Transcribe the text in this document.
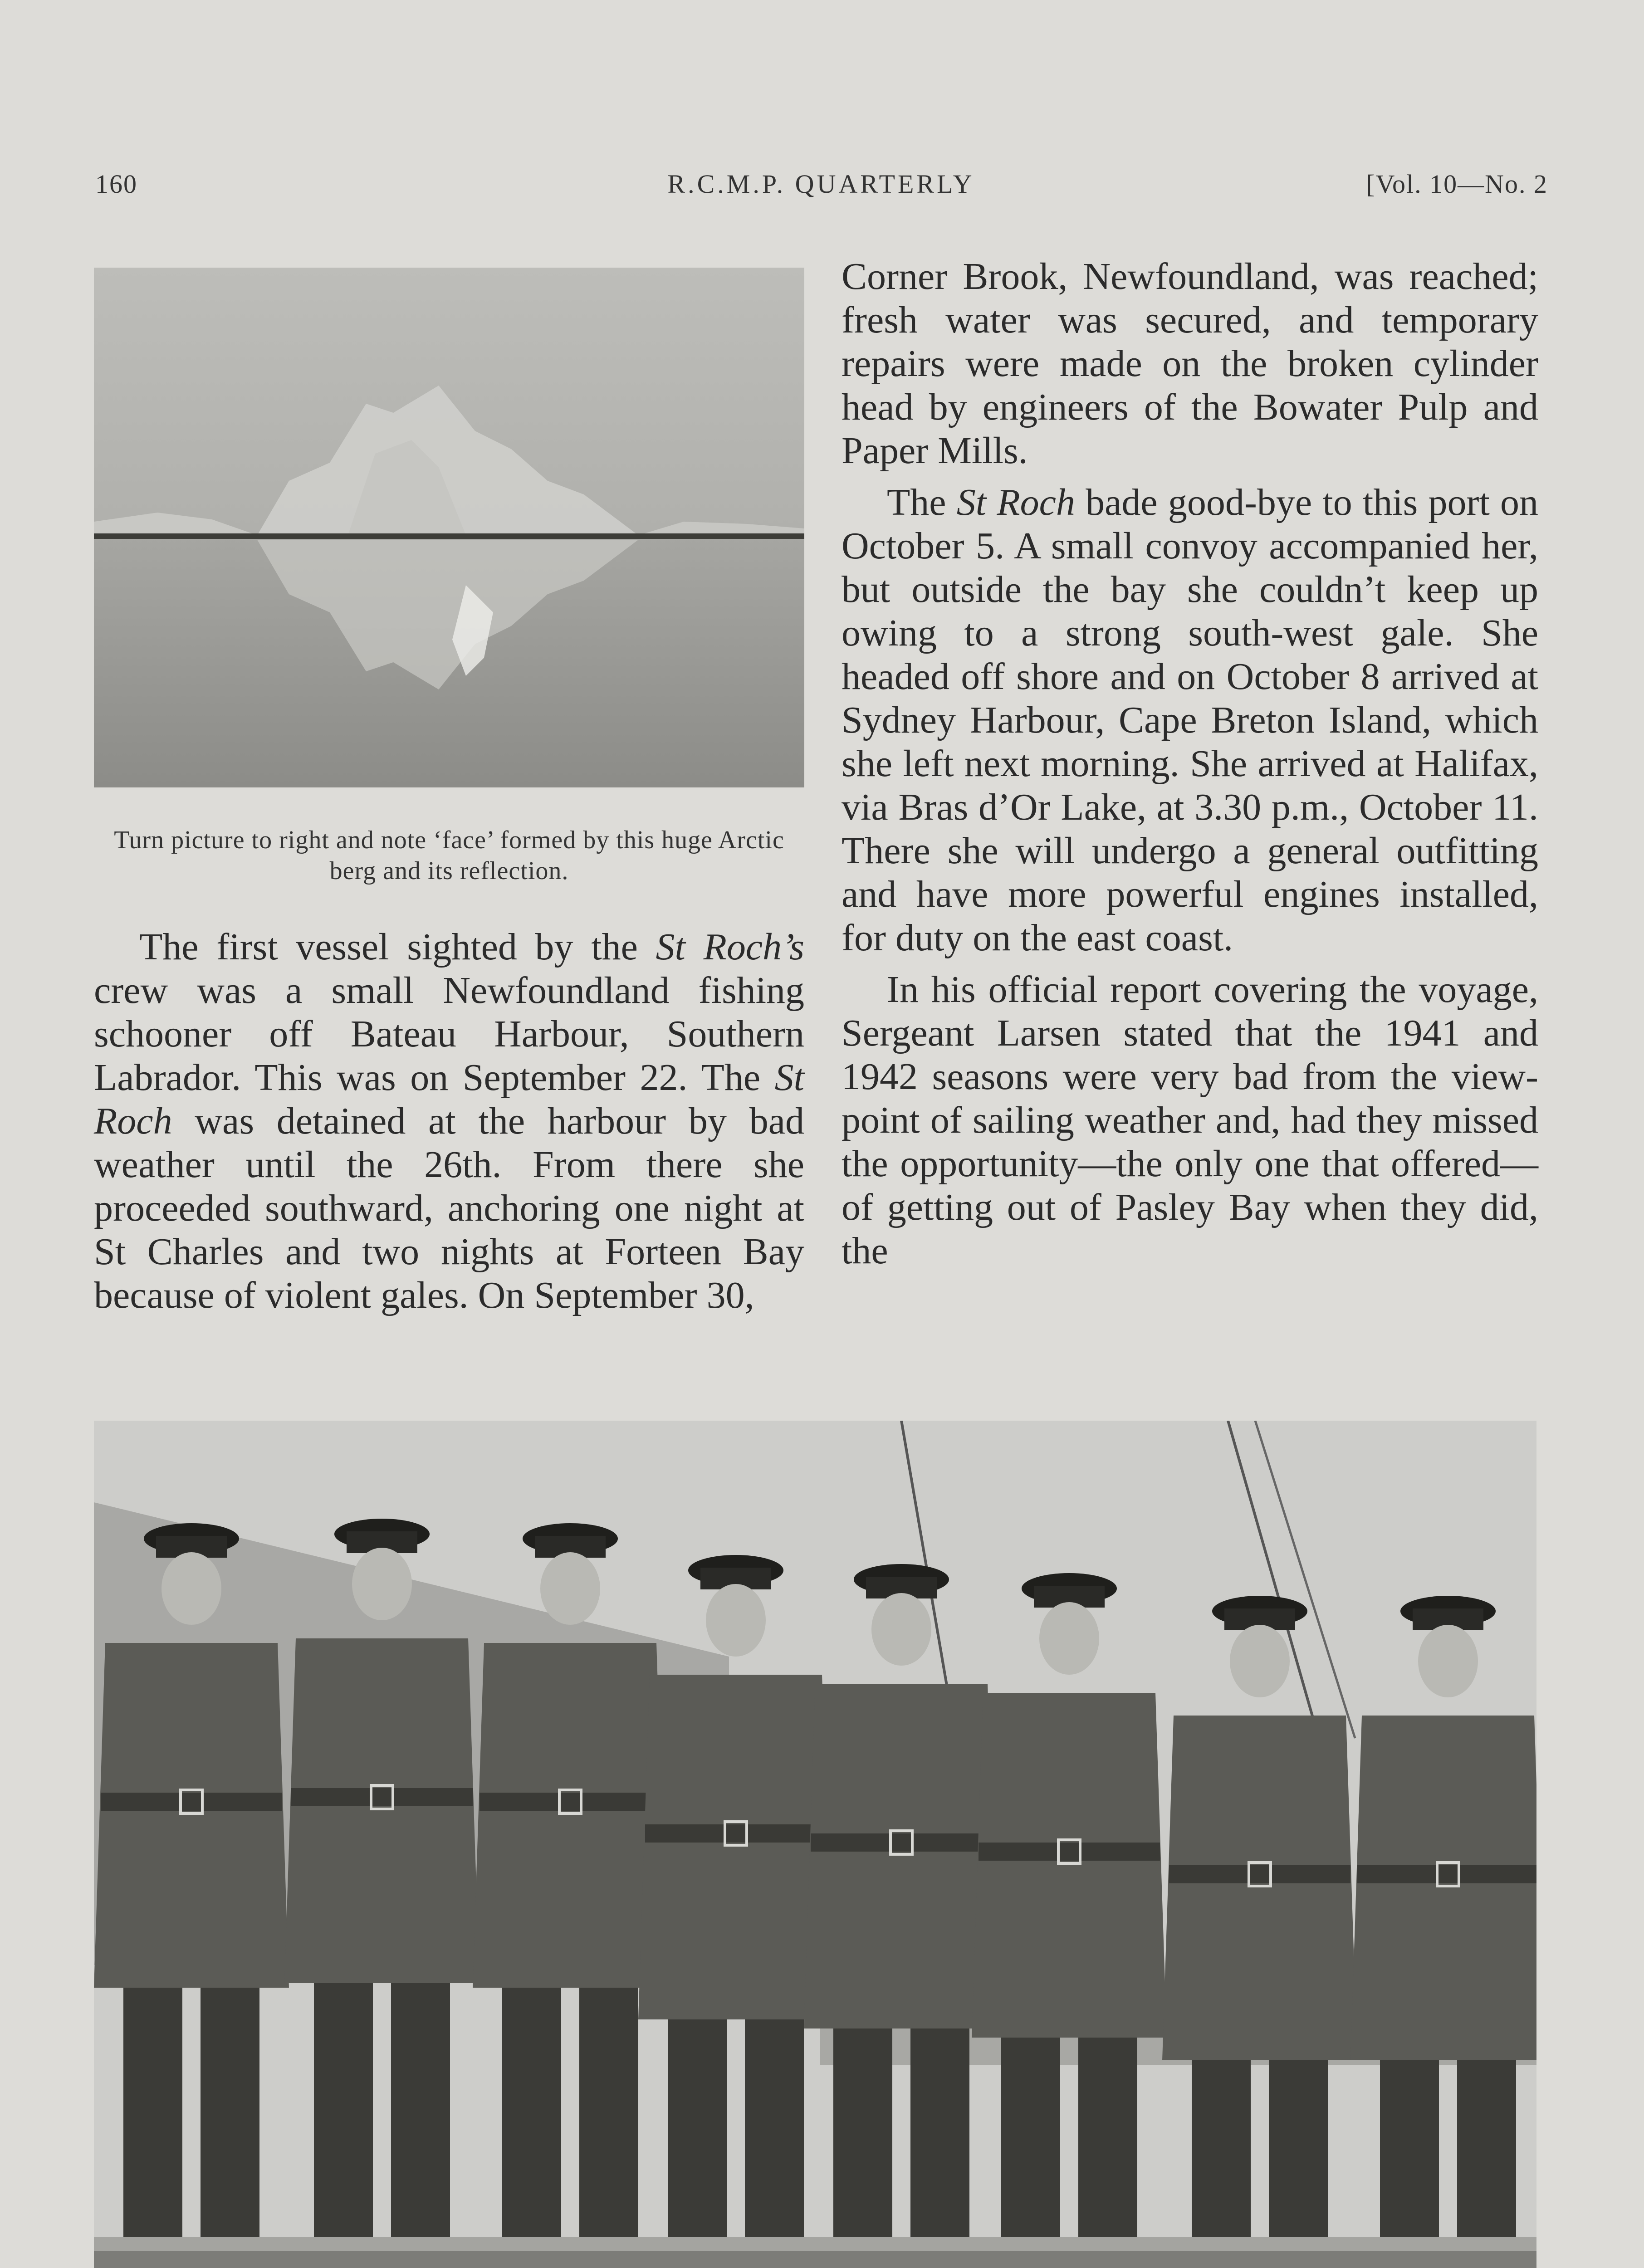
160	R.C.M.P. QUARTERLY	[Vol. 10—No. 2
Turn picture to right and note ‘face’ formed by this huge Arctic berg and its reflection.

The first vessel sighted by the St Roch’s crew was a small Newfoundland fishing schooner off Bateau Harbour, Southern Labrador. This was on September 22. The St Roch was detained at the harbour by bad weather until the 26th. From there she proceeded southward, anchoring one night at St Charles and two nights at Forteen Bay because of violent gales. On September 30,

Corner Brook, Newfoundland, was reached; fresh water was secured, and temporary repairs were made on the broken cylinder head by engineers of the Bowater Pulp and Paper Mills.

The St Roch bade good-bye to this port on October 5. A small convoy accompanied her, but outside the bay she couldn’t keep up owing to a strong south-west gale. She headed off shore and on October 8 arrived at Sydney Harbour, Cape Breton Island, which she left next morning. She arrived at Halifax, via Bras d’Or Lake, at 3.30 p.m., October 11. There she will undergo a general outfitting and have more powerful engines installed, for duty on the east coast.

In his official report covering the voyage, Sergeant Larsen stated that the 1941 and 1942 seasons were very bad from the view-point of sailing weather and, had they missed the opportunity—the only one that offered—of getting out of Pasley Bay when they did, the
